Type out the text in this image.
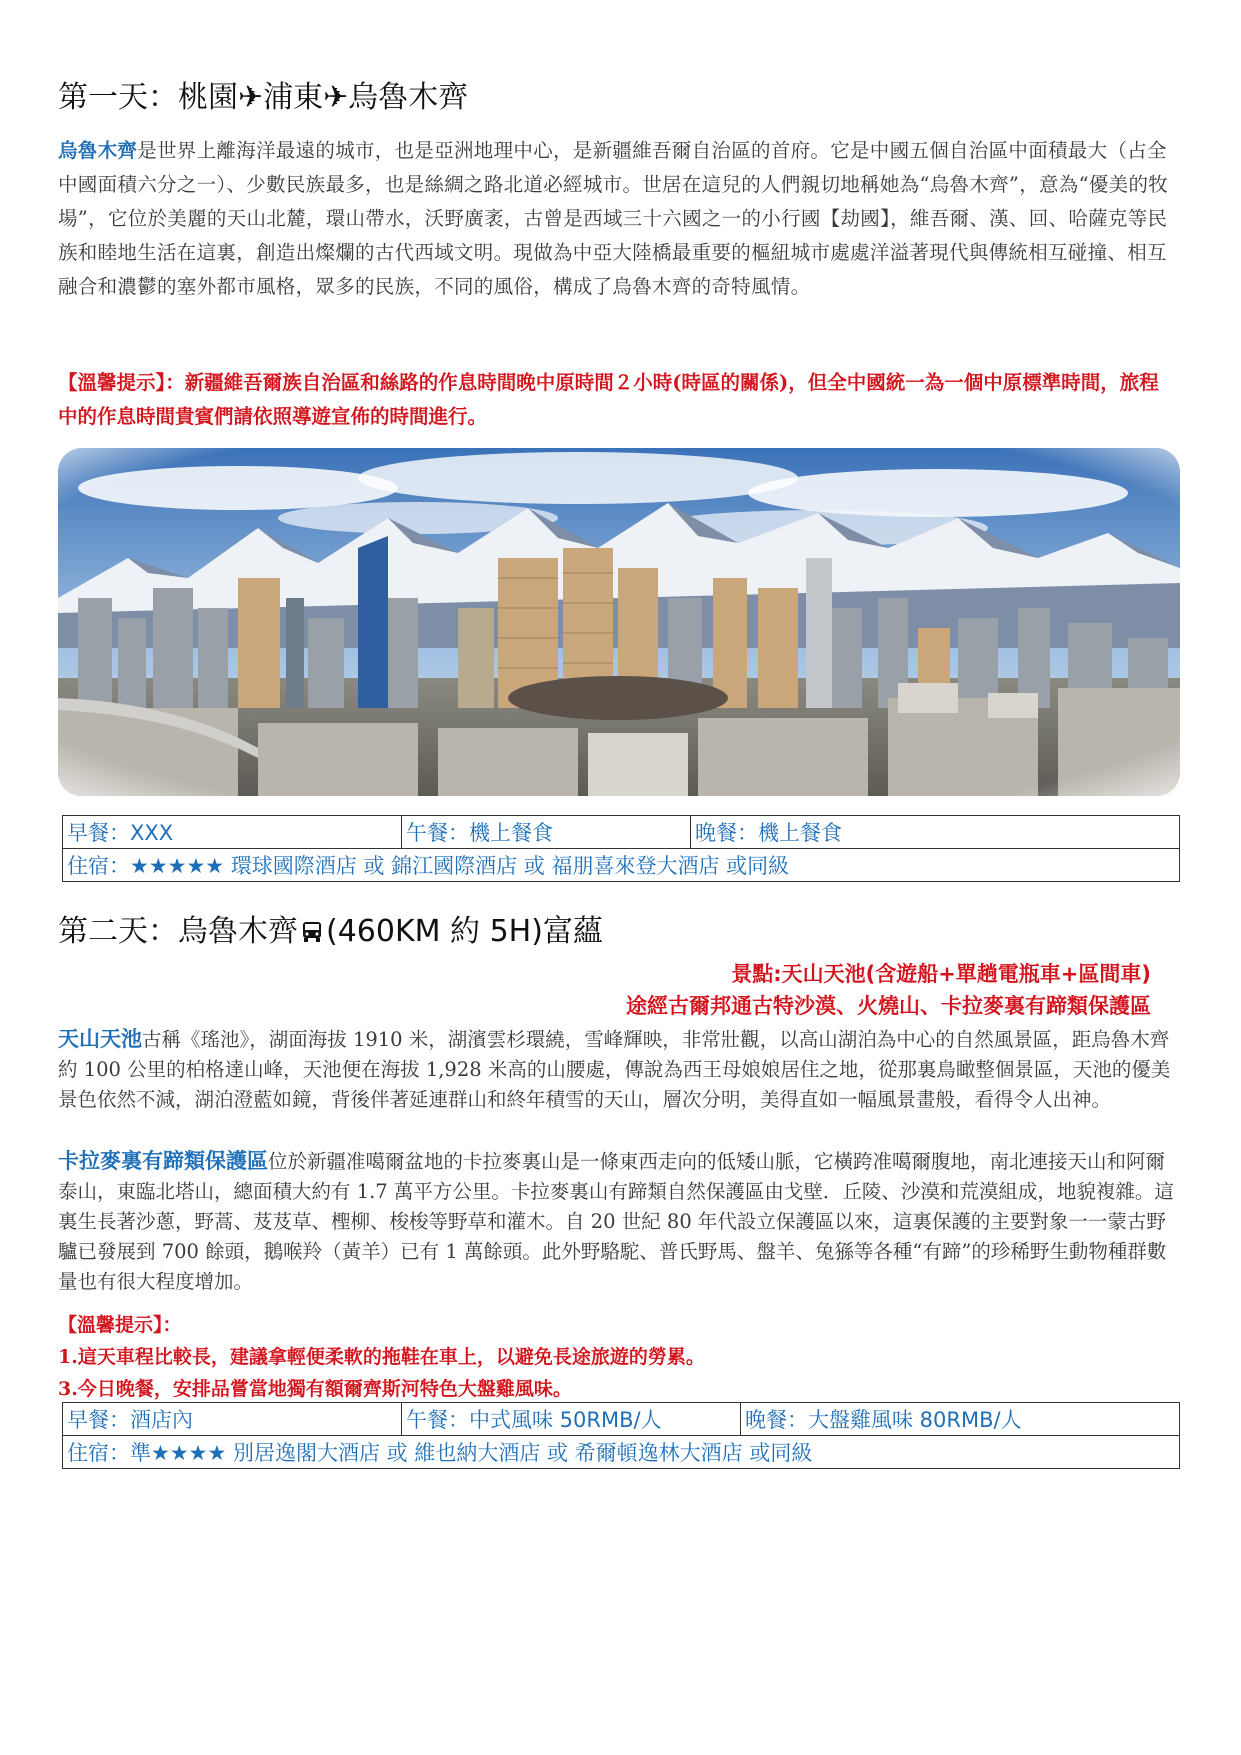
第一天：桃園✈浦東✈烏魯木齊
烏魯木齊是世界上離海洋最遠的城市，也是亞洲地理中心，是新疆維吾爾自治區的首府。它是中國五個自治區中面積最大（占全中國面積六分之一）、少數民族最多，也是絲綢之路北道必經城市。世居在這兒的人們親切地稱她為“烏魯木齊”，意為“優美的牧場”，它位於美麗的天山北麓，環山帶水，沃野廣袤，古曾是西域三十六國之一的小行國【劫國】，維吾爾、漢、回、哈薩克等民族和睦地生活在這裏，創造出燦爛的古代西域文明。現做為中亞大陸橋最重要的樞紐城市處處洋溢著現代與傳統相互碰撞、相互融合和濃鬱的塞外都市風格，眾多的民族，不同的風俗，構成了烏魯木齊的奇特風情。
【溫馨提示】：新疆維吾爾族自治區和絲路的作息時間晚中原時間２小時(時區的關係)，但全中國統一為一個中原標準時間，旅程中的作息時間貴賓們請依照導遊宣佈的時間進行。
早餐：XXX	午餐：機上餐食	晚餐：機上餐食
住宿：★★★★★ 環球國際酒店 或 錦江國際酒店 或 福朋喜來登大酒店 或同級
第二天：烏魯木齊 (460KM 約 5H)富蘊
景點:天山天池(含遊船+單趟電瓶車+區間車)
途經古爾邦通古特沙漠、火燒山、卡拉麥裏有蹄類保護區
天山天池古稱《瑤池》，湖面海拔 1910 米，湖濱雲杉環繞，雪峰輝映，非常壯觀，以高山湖泊為中心的自然風景區，距烏魯木齊約 100 公里的柏格達山峰，天池便在海拔 1,928 米高的山腰處，傳說為西王母娘娘居住之地，從那裏鳥瞰整個景區，天池的優美景色依然不減，湖泊澄藍如鏡，背後伴著延連群山和終年積雪的天山，層次分明，美得直如一幅風景畫般，看得令人出神。
卡拉麥裏有蹄類保護區位於新疆准噶爾盆地的卡拉麥裏山是一條東西走向的低矮山脈，它橫跨准噶爾腹地，南北連接天山和阿爾泰山，東臨北塔山，總面積大約有 1.7 萬平方公里。卡拉麥裏山有蹄類自然保護區由戈壁．丘陵、沙漠和荒漠組成，地貌複雜。這裏生長著沙蔥，野蒿、芨芨草、檉柳、梭梭等野草和灌木。自 20 世紀 80 年代設立保護區以來，這裏保護的主要對象一一蒙古野驢已發展到 700 餘頭，鵝喉羚（黃羊）已有 1 萬餘頭。此外野駱駝、普氏野馬、盤羊、兔猻等各種“有蹄”的珍稀野生動物種群數量也有很大程度增加。
【溫馨提示】：
1.這天車程比較長，建議拿輕便柔軟的拖鞋在車上，以避免長途旅遊的勞累。
3.今日晚餐，安排品嘗當地獨有額爾齊斯河特色大盤雞風味。
早餐：酒店內	午餐：中式風味 50RMB/人	晚餐：大盤雞風味 80RMB/人
住宿：準★★★★ 別居逸閣大酒店 或 維也納大酒店 或 希爾頓逸林大酒店 或同級
